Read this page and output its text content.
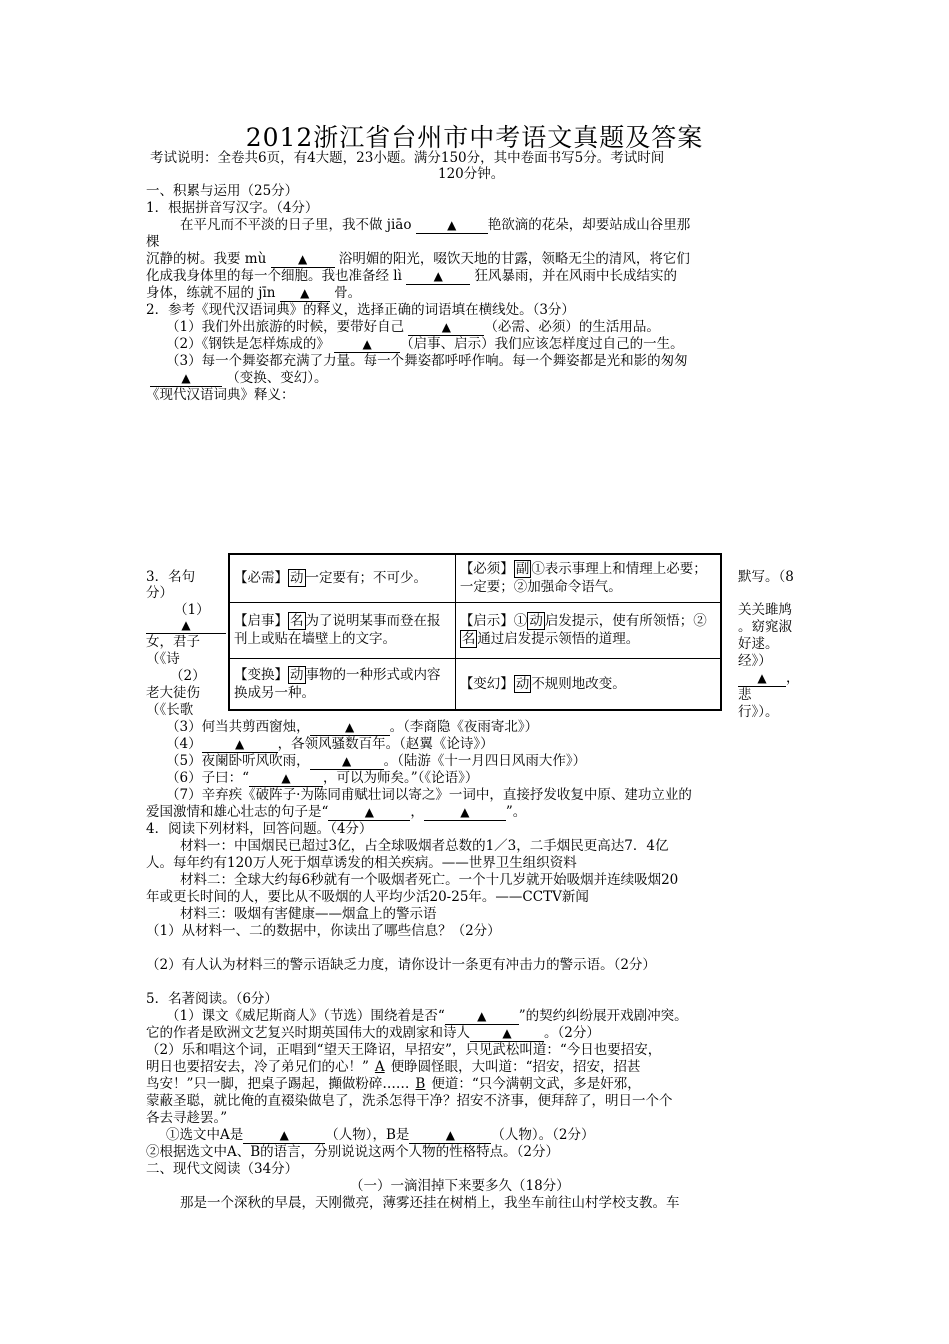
2012浙江省台州市中考语文真题及答案
考试说明：全卷共6页，有4大题，23小题。满分150分，其中卷面书写5分。考试时间
120分钟。
一、积累与运用（25分）
1．根据拼音写汉字。（4分）
在平凡而不平淡的日子里，我不做 jiāo	▲ 艳欲滴的花朵，却要站成山谷里那
棵
沉静的树。我要 mù	▲ 浴明媚的阳光，啜饮天地的甘露，领略无尘的清风，将它们
化成我身体里的每一个细胞。我也准备经 lì	▲ 狂风暴雨，并在风雨中长成结实的
身体，练就不屈的 jīn ▲ 骨。
2．参考《现代汉语词典》的释义，选择正确的词语填在横线处。（3分）
（1）我们外出旅游的时候，要带好自己	▲ （必需、必须）的生活用品。
（2）《钢铁是怎样炼成的》	▲ （启事、启示）我们应该怎样度过自己的一生。
（3）每一个舞姿都充满了力量。每一个舞姿都呼呼作响。每一个舞姿都是光和影的匆匆
▲	（变换、变幻）。
《现代汉语词典》释义：
【必需】 动 一定要有；不可少。	【必须】 副 ①表示事理上和情理上必要；一定要；②加强命令语气。
【启事】 名 为了说明某事而登在报刊上或贴在墙壁上的文字。	【启示】① 动 启发提示，使有所领悟；②名 通过启发提示领悟的道理。
【变换】 动 事物的一种形式或内容换成另一种。	【变幻】 动 不规则地改变。
3．名句
分）
（1）
▲
女，君子
（《诗
（2）
老大徒伤
（《长歌
默写。（8
关关雎鸠
。窈窕淑
好逑。
经》）
▲ ，
悲
行》）。
（3）何当共剪西窗烛，	▲	。（李商隐《夜雨寄北》）
（4）	▲ ，各领风骚数百年。（赵翼《论诗》）
（5）夜阑卧听风吹雨，	▲ 。（陆游《十一月四日风雨大作》）
（6）子曰：“	▲ ，可以为师矣。”（《论语》）
（7）辛弃疾《破阵子·为陈同甫赋壮词以寄之》一词中，直接抒发收复中原、建功立业的
爱国激情和雄心壮志的句子是“	▲	，	▲	”。
4．阅读下列材料，回答问题。（4分）
材料一：中国烟民已超过3亿，占全球吸烟者总数的1／3，二手烟民更高达7．4亿
人。每年约有120万人死于烟草诱发的相关疾病。——世界卫生组织资料
材料二：全球大约每6秒就有一个吸烟者死亡。一个十几岁就开始吸烟并连续吸烟20
年或更长时间的人，要比从不吸烟的人平均少活20-25年。——CCTV新闻
材料三：吸烟有害健康——烟盒上的警示语
（1）从材料一、二的数据中，你读出了哪些信息？（2分）
（2）有人认为材料三的警示语缺乏力度，请你设计一条更有冲击力的警示语。（2分）
5．名著阅读。（6分）
（1）课文《威尼斯商人》（节选）围绕着是否“	▲ ”的契约纠纷展开戏剧冲突。
它的作者是欧洲文艺复兴时期英国伟大的戏剧家和诗人	▲ 。（2分）
（2）乐和唱这个词，正唱到“望天王降诏，早招安”，只见武松叫道：“今日也要招安，
明日也要招安去，冷了弟兄们的心！” A 便睁圆怪眼，大叫道：“招安，招安，招甚
鸟安！”只一脚，把桌子踢起，攧做粉碎…… B 便道：“只今满朝文武，多是奸邪，
蒙蔽圣聪，就比俺的直裰染做皂了，洗杀怎得干净？招安不济事，便拜辞了，明日一个个
各去寻趁罢。”
①选文中A是	▲	（人物），B是	▲	（人物）。（2分）
②根据选文中A、B的语言，分别说说这两个人物的性格特点。（2分）
二、现代文阅读（34分）
（一）一滴泪掉下来要多久（18分）
那是一个深秋的早晨，天刚微亮，薄雾还挂在树梢上，我坐车前往山村学校支教。车
